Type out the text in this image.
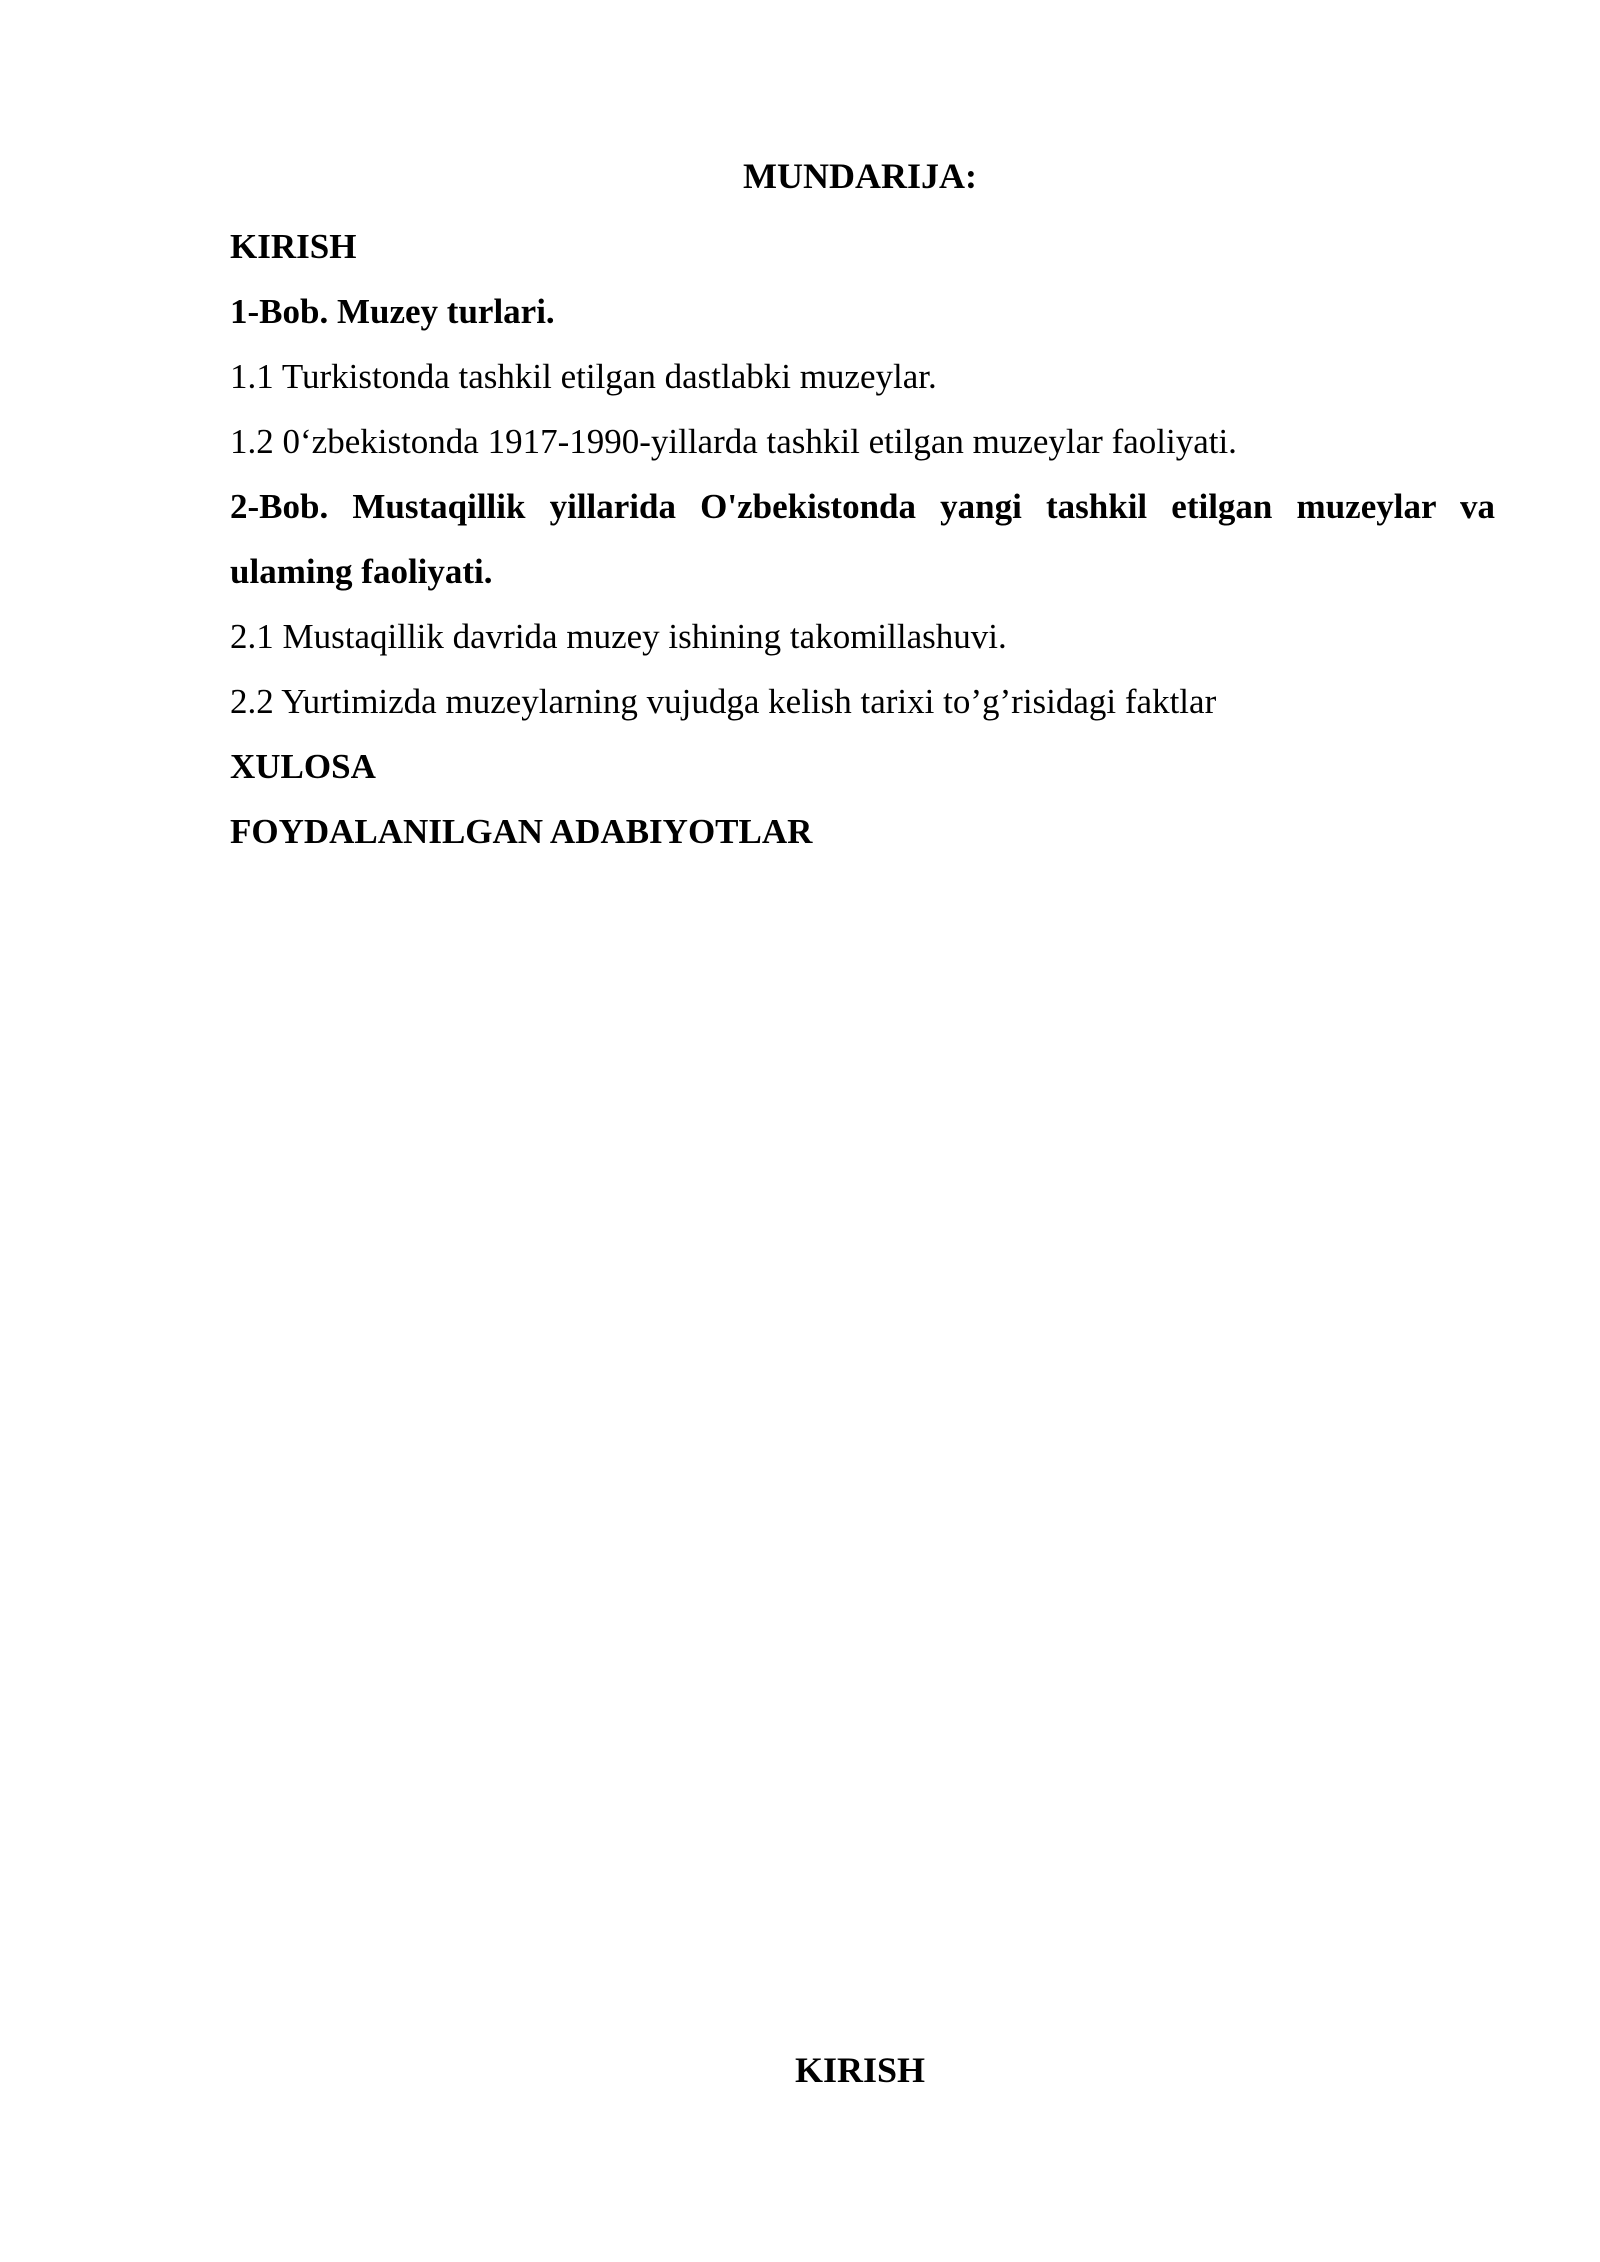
MUNDARIJA:
KIRISH
1-Bob. Muzey turlari.
1.1 Turkistonda tashkil etilgan dastlabki muzeylar.
1.2 0‘zbekistonda 1917-1990-yillarda tashkil etilgan muzeylar faoliyati.
2-Bob. Mustaqillik yillarida O'zbekistonda yangi tashkil etilgan muzeylar va ulaming faoliyati.
2.1 Mustaqillik davrida muzey ishining takomillashuvi.
2.2 Yurtimizda muzeylarning vujudga kelish tarixi to’g’risidagi faktlar
XULOSA
FOYDALANILGAN ADABIYOTLAR
KIRISH
